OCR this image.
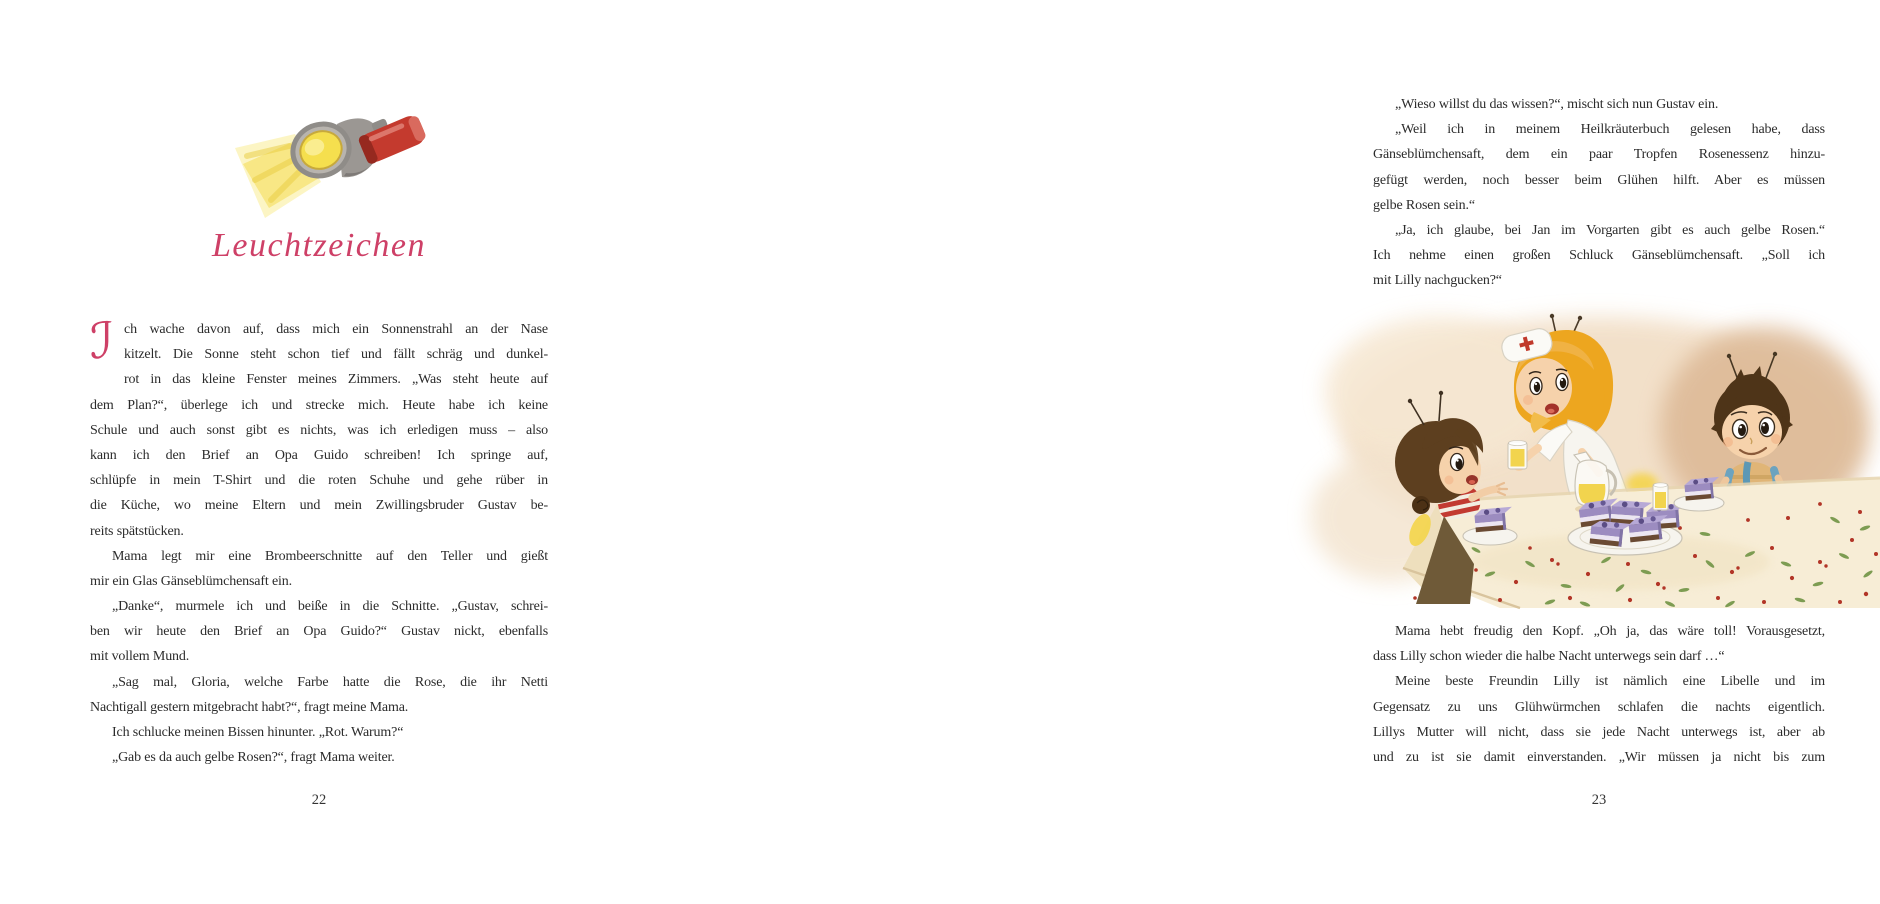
Leuchtzeichen
ℐ ch wache davon auf, dass mich ein Sonnenstrahl an der Nase
kitzelt. Die Sonne steht schon tief und fällt schräg und dunkel-
rot in das kleine Fenster meines Zimmers. „Was steht heute auf
dem Plan?“, überlege ich und strecke mich. Heute habe ich keine
Schule und auch sonst gibt es nichts, was ich erledigen muss – also
kann ich den Brief an Opa Guido schreiben! Ich springe auf,
schlüpfe in mein T-Shirt und die roten Schuhe und gehe rüber in
die Küche, wo meine Eltern und mein Zwillingsbruder Gustav be-
reits spätstücken.
Mama legt mir eine Brombeerschnitte auf den Teller und gießt
mir ein Glas Gänseblümchensaft ein.
„Danke“, murmele ich und beiße in die Schnitte. „Gustav, schrei-
ben wir heute den Brief an Opa Guido?“ Gustav nickt, ebenfalls
mit vollem Mund.
„Sag mal, Gloria, welche Farbe hatte die Rose, die ihr Netti
Nachtigall gestern mitgebracht habt?“, fragt meine Mama.
Ich schlucke meinen Bissen hinunter. „Rot. Warum?“
„Gab es da auch gelbe Rosen?“, fragt Mama weiter.
22
„Wieso willst du das wissen?“, mischt sich nun Gustav ein.
„Weil ich in meinem Heilkräuterbuch gelesen habe, dass
Gänseblümchensaft, dem ein paar Tropfen Rosenessenz hinzu-
gefügt werden, noch besser beim Glühen hilft. Aber es müssen
gelbe Rosen sein.“
„Ja, ich glaube, bei Jan im Vorgarten gibt es auch gelbe Rosen.“
Ich nehme einen großen Schluck Gänseblümchensaft. „Soll ich
mit Lilly nachgucken?“
Mama hebt freudig den Kopf. „Oh ja, das wäre toll! Vorausgesetzt,
dass Lilly schon wieder die halbe Nacht unterwegs sein darf …“
Meine beste Freundin Lilly ist nämlich eine Libelle und im
Gegensatz zu uns Glühwürmchen schlafen die nachts eigentlich.
Lillys Mutter will nicht, dass sie jede Nacht unterwegs ist, aber ab
und zu ist sie damit einverstanden. „Wir müssen ja nicht bis zum
23
